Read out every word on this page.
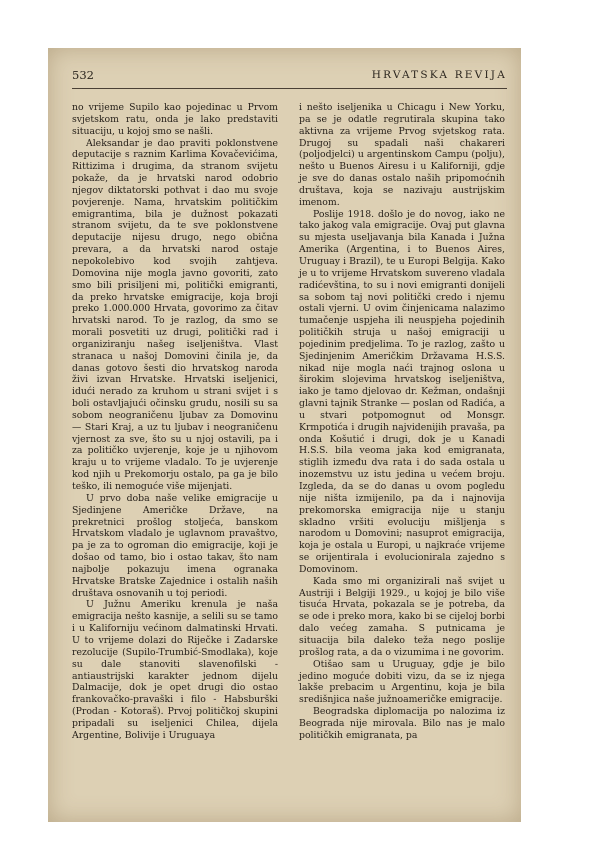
532	HRVATSKA REVIJA

no vrijeme Supilo kao pojedinac u Prvom svjetskom ratu, onda je lako predstaviti situaciju, u kojoj smo se našli.

Aleksandar je dao praviti poklonstvene deputacije s raznim Karlima Kovačevićima, Rittizima i drugima, da stranom svijetu pokaže, da je hrvatski narod odobrio njegov diktatorski pothvat i dao mu svoje povjerenje. Nama, hrvatskim političkim emigrantima, bila je dužnost pokazati stranom svijetu, da te sve poklonstvene deputacije nijesu drugo, nego obična prevara, a da hrvatski narod ostaje nepokolebivo kod svojih zahtjeva. Domovina nije mogla javno govoriti, zato smo bili prisiljeni mi, politički emigranti, da preko hrvatske emigracije, koja broji preko 1.000.000 Hrvata, govorimo za čitav hrvatski narod. To je razlog, da smo se morali posvetiti uz drugi, politički rad i organiziranju našeg iseljeništva. Vlast stranaca u našoj Domovini činila je, da danas gotovo šesti dio hrvatskog naroda živi izvan Hrvatske. Hrvatski iseljenici, idući nerado za kruhom u strani svijet i s boli ostavljajući očinsku grudu, nosili su sa sobom neograničenu ljubav za Domovinu — Stari Kraj, a uz tu ljubav i neograničenu vjernost za sve, što su u njoj ostavili, pa i za političko uvjerenje, koje je u njihovom kraju u to vrijeme vladalo. To je uvjerenje kod njih u Prekomorju ostalo, pa ga je bilo teško, ili nemoguće više mijenjati.

U prvo doba naše velike emigracije u Sjedinjene Američke Države, na prekretnici prošlog stoljeća, banskom Hrvatskom vladalo je uglavnom pravaštvo, pa je za to ogroman dio emigracije, koji je došao od tamo, bio i ostao takav, što nam najbolje pokazuju imena ogranaka Hrvatske Bratske Zajednice i ostalih naših društava osnovanih u toj periodi.

U Južnu Ameriku krenula je naša emigracija nešto kasnije, a selili su se tamo i u Kaliforniju većinom dalmatinski Hrvati. U to vrijeme dolazi do Riječke i Zadarske rezolucije (Supilo-Trumbić-Smodlaka), koje su dale stanoviti slavenofilski - antiaustrijski karakter jednom dijelu Dalmacije, dok je opet drugi dio ostao frankovačko-pravaški i filo - Habsburški (Prodan - Kotoraš). Prvoj političkoj skupini pripadali su iseljenici Chilea, dijela Argentine, Bolivije i Uruguaya

i nešto iseljenika u Chicagu i New Yorku, pa se je odatle regrutirala skupina tako aktivna za vrijeme Prvog svjetskog rata. Drugoj su spadali naši chakareri (poljodjelci) u argentinskom Campu (polju), nešto u Buenos Airesu i u Kaliforniji, gdje je sve do danas ostalo naših pripomoćnih društava, koja se nazivaju austrijskim imenom.

Poslije 1918. došlo je do novog, iako ne tako jakog vala emigracije. Ovaj put glavna su mjesta useljavanja bila Kanada i Južna Amerika (Argentina, i to Buenos Aires, Uruguay i Brazil), te u Europi Belgija. Kako je u to vrijeme Hrvatskom suvereno vladala radićevština, to su i novi emigranti donijeli sa sobom taj novi politički credo i njemu ostali vjerni. U ovim činjenicama nalazimo tumačenje uspjeha ili neuspjeha pojedinih političkih struja u našoj emigraciji u pojedinim predjelima. To je razlog, zašto u Sjedinjenim Američkim Državama H.S.S. nikad nije mogla naći trajnog oslona u širokim slojevima hrvatskog iseljeništva, iako je tamo djelovao dr. Kežman, ondašnji glavni tajnik Stranke — poslan od Radića, a u stvari potpomognut od Monsgr. Krmpotića i drugih najvidenijih pravaša, pa onda Košutić i drugi, dok je u Kanadi H.S.S. bila veoma jaka kod emigranata, stiglih između dva rata i do sada ostala u inozemstvu uz istu jedina u većem broju. Izgleda, da se do danas u ovom pogledu nije ništa izmijenilo, pa da i najnovija prekomorska emigracija nije u stanju skladno vršiti evoluciju mišljenja s narodom u Domovini; nasuprot emigracija, koja je ostala u Europi, u najkraće vrijeme se orijentirala i evolucionirala zajedno s Domovinom.

Kada smo mi organizirali naš svijet u Austriji i Belgiji 1929., u kojoj je bilo više tisuća Hrvata, pokazala se je potreba, da se ode i preko mora, kako bi se cijeloj borbi dalo većeg zamaha. S putnicama je situacija bila daleko teža nego poslije prošlog rata, a da o vizumima i ne govorim.

Otišao sam u Uruguay, gdje je bilo jedino moguće dobiti vizu, da se iz njega lakše prebacim u Argentinu, koja je bila središnjica naše južnoameričke emigracije.

Beogradska diplomacija po nalozima iz Beograda nije mirovala. Bilo nas je malo političkih emigranata, pa
